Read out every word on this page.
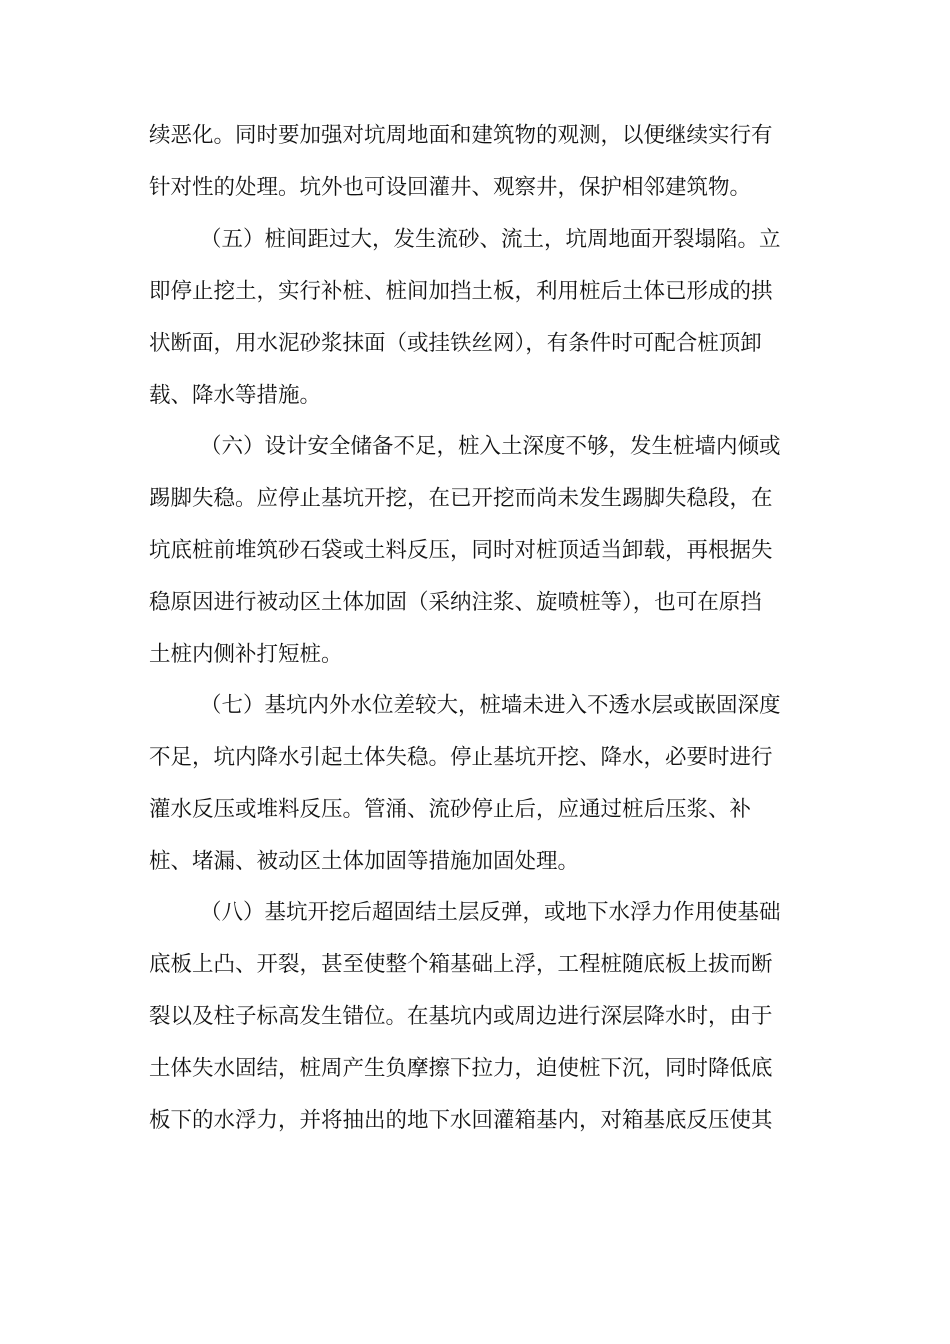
续恶化。同时要加强对坑周地面和建筑物的观测，以便继续实行有
针对性的处理。坑外也可设回灌井、观察井，保护相邻建筑物。
（五）桩间距过大，发生流砂、流土，坑周地面开裂塌陷。立
即停止挖土，实行补桩、桩间加挡土板，利用桩后土体已形成的拱
状断面，用水泥砂浆抹面（或挂铁丝网），有条件时可配合桩顶卸
载、降水等措施。
（六）设计安全储备不足，桩入土深度不够，发生桩墙内倾或
踢脚失稳。应停止基坑开挖，在已开挖而尚未发生踢脚失稳段，在
坑底桩前堆筑砂石袋或土料反压，同时对桩顶适当卸载，再根据失
稳原因进行被动区土体加固（采纳注浆、旋喷桩等），也可在原挡
土桩内侧补打短桩。
（七）基坑内外水位差较大，桩墙未进入不透水层或嵌固深度
不足，坑内降水引起土体失稳。停止基坑开挖、降水，必要时进行
灌水反压或堆料反压。管涌、流砂停止后，应通过桩后压浆、补
桩、堵漏、被动区土体加固等措施加固处理。
（八）基坑开挖后超固结土层反弹，或地下水浮力作用使基础
底板上凸、开裂，甚至使整个箱基础上浮，工程桩随底板上拔而断
裂以及柱子标高发生错位。在基坑内或周边进行深层降水时，由于
土体失水固结，桩周产生负摩擦下拉力，迫使桩下沉，同时降低底
板下的水浮力，并将抽出的地下水回灌箱基内，对箱基底反压使其
